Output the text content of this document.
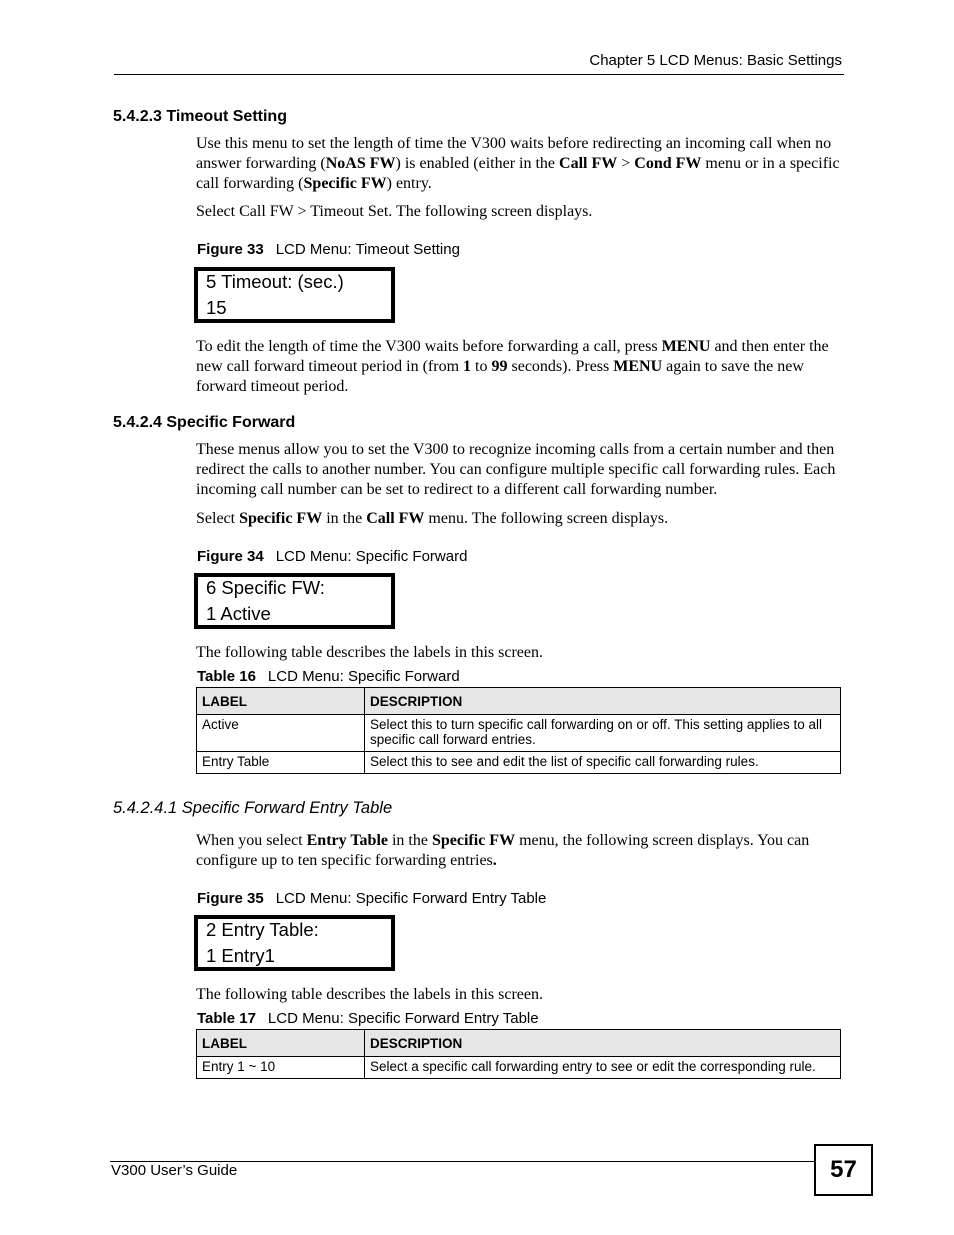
Chapter 5 LCD Menus: Basic Settings
5.4.2.3 Timeout Setting

Use this menu to set the length of time the V300 waits before redirecting an incoming call when no answer forwarding (NoAS FW) is enabled (either in the Call FW > Cond FW menu or in a specific call forwarding (Specific FW) entry.

Select Call FW > Timeout Set. The following screen displays.

Figure 33 LCD Menu: Timeout Setting
5 Timeout: (sec.)
15

To edit the length of time the V300 waits before forwarding a call, press MENU and then enter the new call forward timeout period in (from 1 to 99 seconds). Press MENU again to save the new forward timeout period.

5.4.2.4 Specific Forward

These menus allow you to set the V300 to recognize incoming calls from a certain number and then redirect the calls to another number. You can configure multiple specific call forwarding rules. Each incoming call number can be set to redirect to a different call forwarding number.

Select Specific FW in the Call FW menu. The following screen displays.

Figure 34 LCD Menu: Specific Forward
6 Specific FW:
1 Active

The following table describes the labels in this screen.

Table 16 LCD Menu: Specific Forward
LABEL	DESCRIPTION
Active	Select this to turn specific call forwarding on or off. This setting applies to all specific call forward entries.
Entry Table	Select this to see and edit the list of specific call forwarding rules.
5.4.2.4.1 Specific Forward Entry Table

When you select Entry Table in the Specific FW menu, the following screen displays. You can configure up to ten specific forwarding entries.

Figure 35 LCD Menu: Specific Forward Entry Table
2 Entry Table:
1 Entry1

The following table describes the labels in this screen.

Table 17 LCD Menu: Specific Forward Entry Table
LABEL	DESCRIPTION
Entry 1 ~ 10	Select a specific call forwarding entry to see or edit the corresponding rule.
V300 User’s Guide	57
